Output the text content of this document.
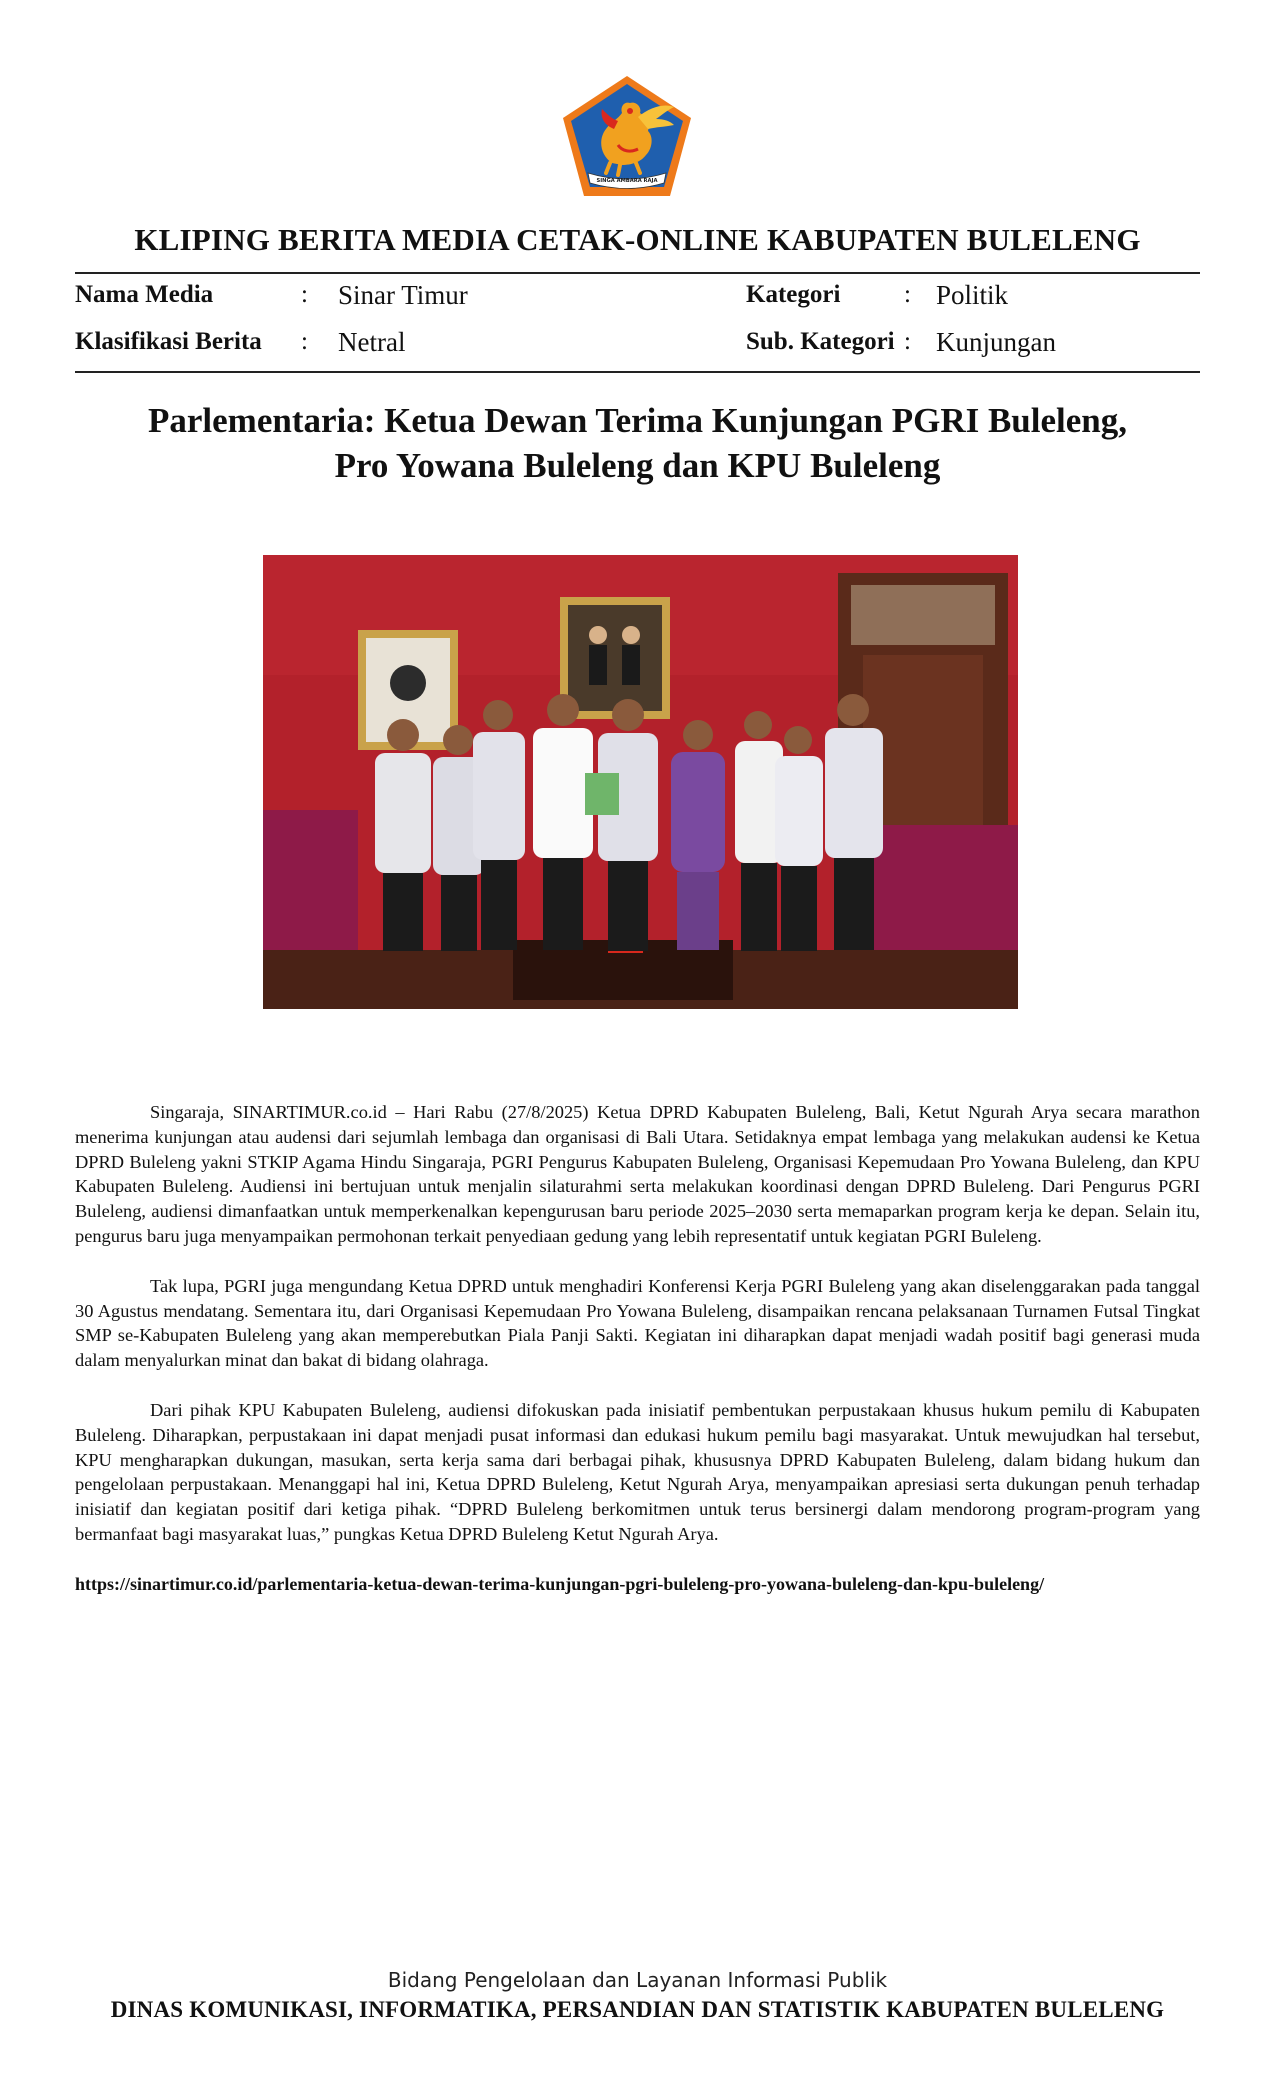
SINGA AMBARA RAJA
KLIPING BERITA MEDIA CETAK-ONLINE KABUPATEN BULELENG
Nama Media	: Sinar Timur	Kategori	: Politik
Klasifikasi Berita : Netral	Sub. Kategori : Kunjungan
Parlementaria: Ketua Dewan Terima Kunjungan PGRI Buleleng,
Pro Yowana Buleleng dan KPU Buleleng

Singaraja, SINARTIMUR.co.id – Hari Rabu (27/8/2025) Ketua DPRD Kabupaten Buleleng, Bali, Ketut Ngurah Arya secara marathon menerima kunjungan atau audensi dari sejumlah lembaga dan organisasi di Bali Utara. Setidaknya empat lembaga yang melakukan audensi ke Ketua DPRD Buleleng yakni STKIP Agama Hindu Singaraja, PGRI Pengurus Kabupaten Buleleng, Organisasi Kepemudaan Pro Yowana Buleleng, dan KPU Kabupaten Buleleng. Audiensi ini bertujuan untuk menjalin silaturahmi serta melakukan koordinasi dengan DPRD Buleleng. Dari Pengurus PGRI Buleleng, audiensi dimanfaatkan untuk memperkenalkan kepengurusan baru periode 2025–2030 serta memaparkan program kerja ke depan. Selain itu, pengurus baru juga menyampaikan permohonan terkait penyediaan gedung yang lebih representatif untuk kegiatan PGRI Buleleng.

Tak lupa, PGRI juga mengundang Ketua DPRD untuk menghadiri Konferensi Kerja PGRI Buleleng yang akan diselenggarakan pada tanggal 30 Agustus mendatang. Sementara itu, dari Organisasi Kepemudaan Pro Yowana Buleleng, disampaikan rencana pelaksanaan Turnamen Futsal Tingkat SMP se-Kabupaten Buleleng yang akan memperebutkan Piala Panji Sakti. Kegiatan ini diharapkan dapat menjadi wadah positif bagi generasi muda dalam menyalurkan minat dan bakat di bidang olahraga.

Dari pihak KPU Kabupaten Buleleng, audiensi difokuskan pada inisiatif pembentukan perpustakaan khusus hukum pemilu di Kabupaten Buleleng. Diharapkan, perpustakaan ini dapat menjadi pusat informasi dan edukasi hukum pemilu bagi masyarakat. Untuk mewujudkan hal tersebut, KPU mengharapkan dukungan, masukan, serta kerja sama dari berbagai pihak, khususnya DPRD Kabupaten Buleleng, dalam bidang hukum dan pengelolaan perpustakaan. Menanggapi hal ini, Ketua DPRD Buleleng, Ketut Ngurah Arya, menyampaikan apresiasi serta dukungan penuh terhadap inisiatif dan kegiatan positif dari ketiga pihak. “DPRD Buleleng berkomitmen untuk terus bersinergi dalam mendorong program-program yang bermanfaat bagi masyarakat luas,” pungkas Ketua DPRD Buleleng Ketut Ngurah Arya.

https://sinartimur.co.id/parlementaria-ketua-dewan-terima-kunjungan-pgri-buleleng-pro-yowana-buleleng-dan-kpu-buleleng/

Bidang Pengelolaan dan Layanan Informasi Publik
DINAS KOMUNIKASI, INFORMATIKA, PERSANDIAN DAN STATISTIK KABUPATEN BULELENG
